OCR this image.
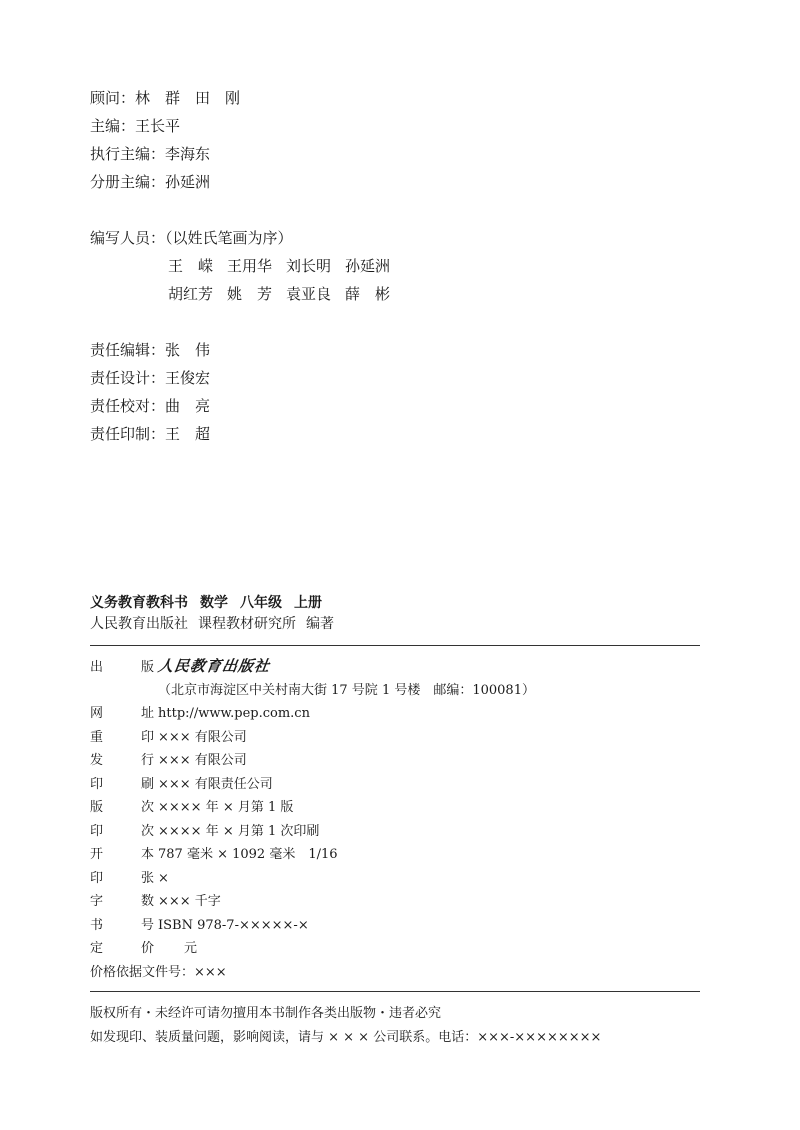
顾问：林　群　田　刚
主编：王长平
执行主编：李海东
分册主编：孙延洲
编写人员：（以姓氏笔画为序）
王　嵘 王用华 刘长明 孙延洲
胡红芳 姚　芳 袁亚良 薛　彬
责任编辑：张　伟
责任设计：王俊宏
责任校对：曲　亮
责任印制：王　超
义务教育教科书 数学 八年级 上册
人民教育出版社 课程教材研究所 编著
出版 人民教育出版社
（北京市海淀区中关村南大街 17 号院 1 号楼　邮编：100081）
网址 http://www.pep.com.cn
重印 ××× 有限公司
发行 ××× 有限公司
印刷 ××× 有限责任公司
版次 ×××× 年 × 月第 1 版
印次 ×××× 年 × 月第 1 次印刷
开本 787 毫米 × 1092 毫米　1/16
印张 ×
字数 ××× 千字
书号 ISBN 978-7-×××××-×
定价　　元
价格依据文件号：×××
版权所有・未经许可请勿擅用本书制作各类出版物・违者必究
如发现印、装质量问题，影响阅读，请与 × × × 公司联系。电话：×××-××××××××
